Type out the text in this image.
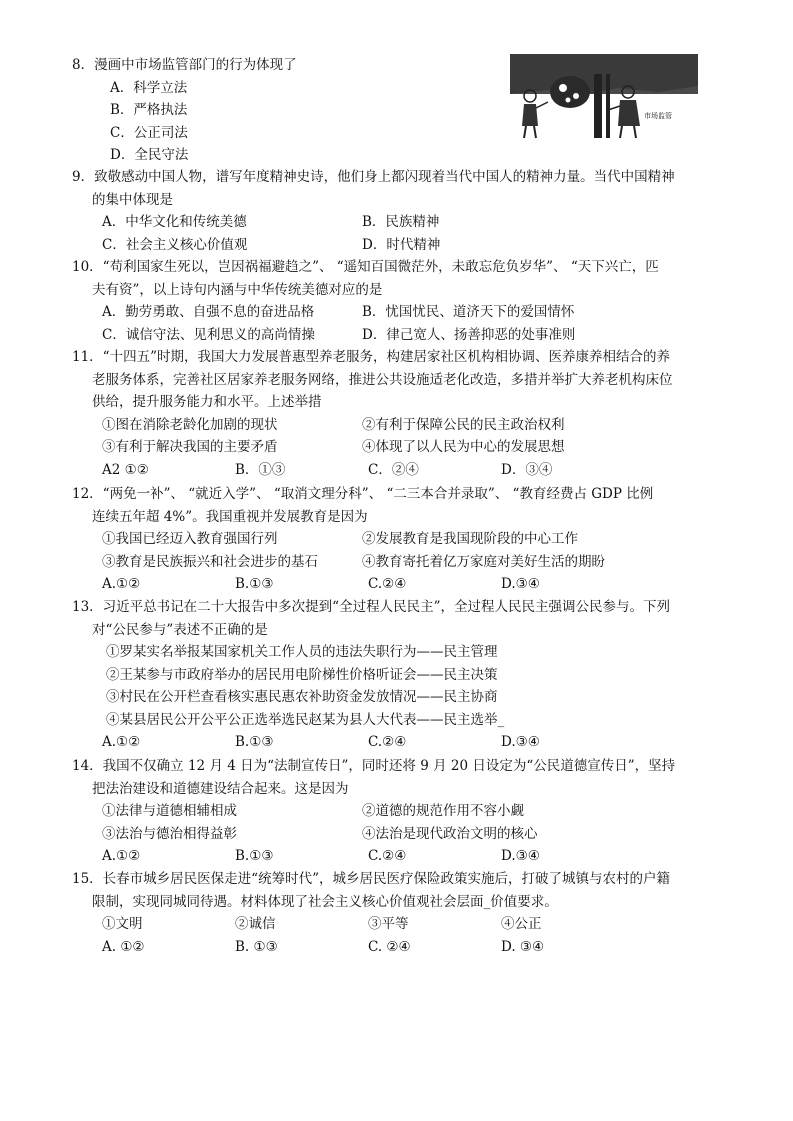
8．漫画中市场监管部门的行为体现了
A．科学立法
B．严格执法
C．公正司法
D．全民守法
市场监管
9．致敬感动中国人物，谱写年度精神史诗，他们身上都闪现着当代中国人的精神力量。当代中国精神
的集中体现是
A．中华文化和传统美德	B．民族精神
C．社会主义核心价值观	D．时代精神
10．“苟利国家生死以，岂因祸福避趋之”、 “遥知百国微茫外，未敢忘危负岁华”、 “天下兴亡，匹
夫有资”，以上诗句内涵与中华传统美德对应的是
A．勤劳勇敢、自强不息的奋进品格	B．忧国忧民、道济天下的爱国情怀
C．诚信守法、见利思义的高尚情操	D．律己宽人、扬善抑恶的处事准则
11．“十四五”时期，我国大力发展普惠型养老服务，构建居家社区机构相协调、医养康养相结合的养
老服务体系，完善社区居家养老服务网络，推进公共设施适老化改造，多措并举扩大养老机构床位
供给，提升服务能力和水平。上述举措
①图在消除老龄化加剧的现状	②有利于保障公民的民主政治权利
③有利于解决我国的主要矛盾	④体现了以人民为中心的发展思想
A2 ①②	B．①③	C．②④	D．③④
12．“两免一补”、 “就近入学”、 “取消文理分科”、 “二三本合并录取”、 “教育经费占 GDP 比例
连续五年超 4%”。我国重视并发展教育是因为
①我国已经迈入教育强国行列	②发展教育是我国现阶段的中心工作
③教育是民族振兴和社会进步的基石	④教育寄托着亿万家庭对美好生活的期盼
A.①②	B.①③	C.②④	D.③④
13．习近平总书记在二十大报告中多次提到“全过程人民民主”，全过程人民民主强调公民参与。下列
对“公民参与”表述不正确的是
①罗某实名举报某国家机关工作人员的违法失职行为——民主管理
②王某参与市政府举办的居民用电阶梯性价格听证会——民主决策
③村民在公开栏查看核实惠民惠农补助资金发放情况——民主协商
④某县居民公开公平公正选举选民赵某为县人大代表——民主选举_
A.①②	B.①③	C.②④	D.③④
14．我国不仅确立 12 月 4 日为“法制宣传日”，同时还将 9 月 20 日设定为“公民道德宣传日”，坚持
把法治建设和道德建设结合起来。这是因为
①法律与道德相辅相成	②道德的规范作用不容小觑
③法治与德治相得益彰	④法治是现代政治文明的核心
A.①②	B.①③	C.②④	D.③④
15．长春市城乡居民医保走进“统筹时代”，城乡居民医疗保险政策实施后，打破了城镇与农村的户籍
限制，实现同城同待遇。材料体现了社会主义核心价值观社会层面_价值要求。
①文明	②诚信	③平等	④公正
A. ①②	B. ①③	C. ②④	D. ③④
